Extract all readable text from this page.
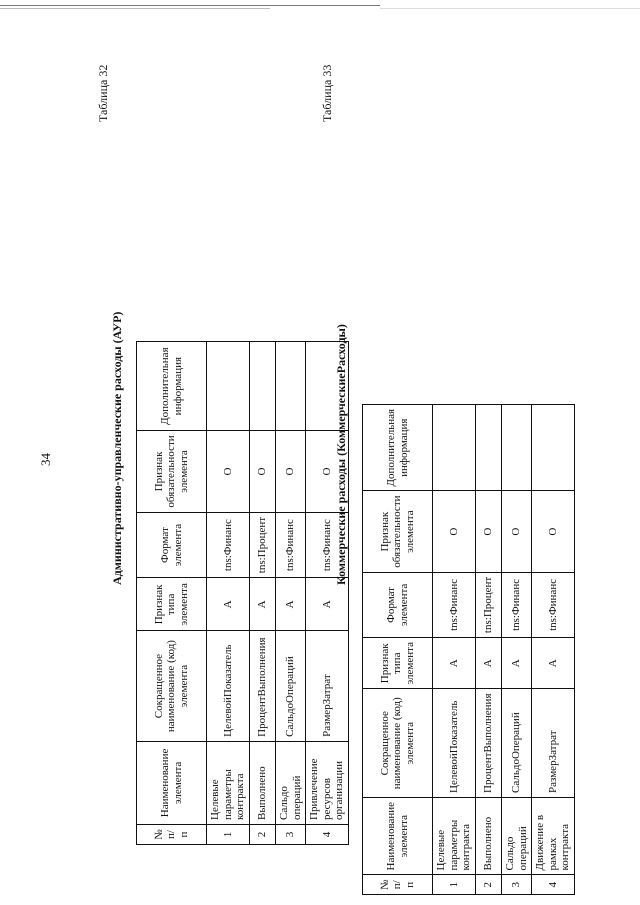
34
Таблица 32
Административно-управленческие расходы (АУР)
№ п/п	Наименование элемента	Сокращенное наименование (код) элемента	Признак типа элемента	Формат элемента	Признак обязательности элемента	Дополнительная информация
1	Целевые параметры контракта	ЦелевойПоказатель	А	tns:Финанс	О	
2	Выполнено	ПроцентВыполнения	А	tns:Процент	О	
3	Сальдо операций	СальдоОпераций	А	tns:Финанс	О	
4	Привлечение ресурсов организации	РазмерЗатрат	А	tns:Финанс	О	
Таблица 33
Коммерческие расходы (КоммерческиеРасходы)
№ п/п	Наименование элемента	Сокращенное наименование (код) элемента	Признак типа элемента	Формат элемента	Признак обязательности элемента	Дополнительная информация
1	Целевые параметры контракта	ЦелевойПоказатель	А	tns:Финанс	О	
2	Выполнено	ПроцентВыполнения	А	tns:Процент	О	
3	Сальдо операций	СальдоОпераций	А	tns:Финанс	О	
4	Движение в рамках контракта	РазмерЗатрат	А	tns:Финанс	О	
